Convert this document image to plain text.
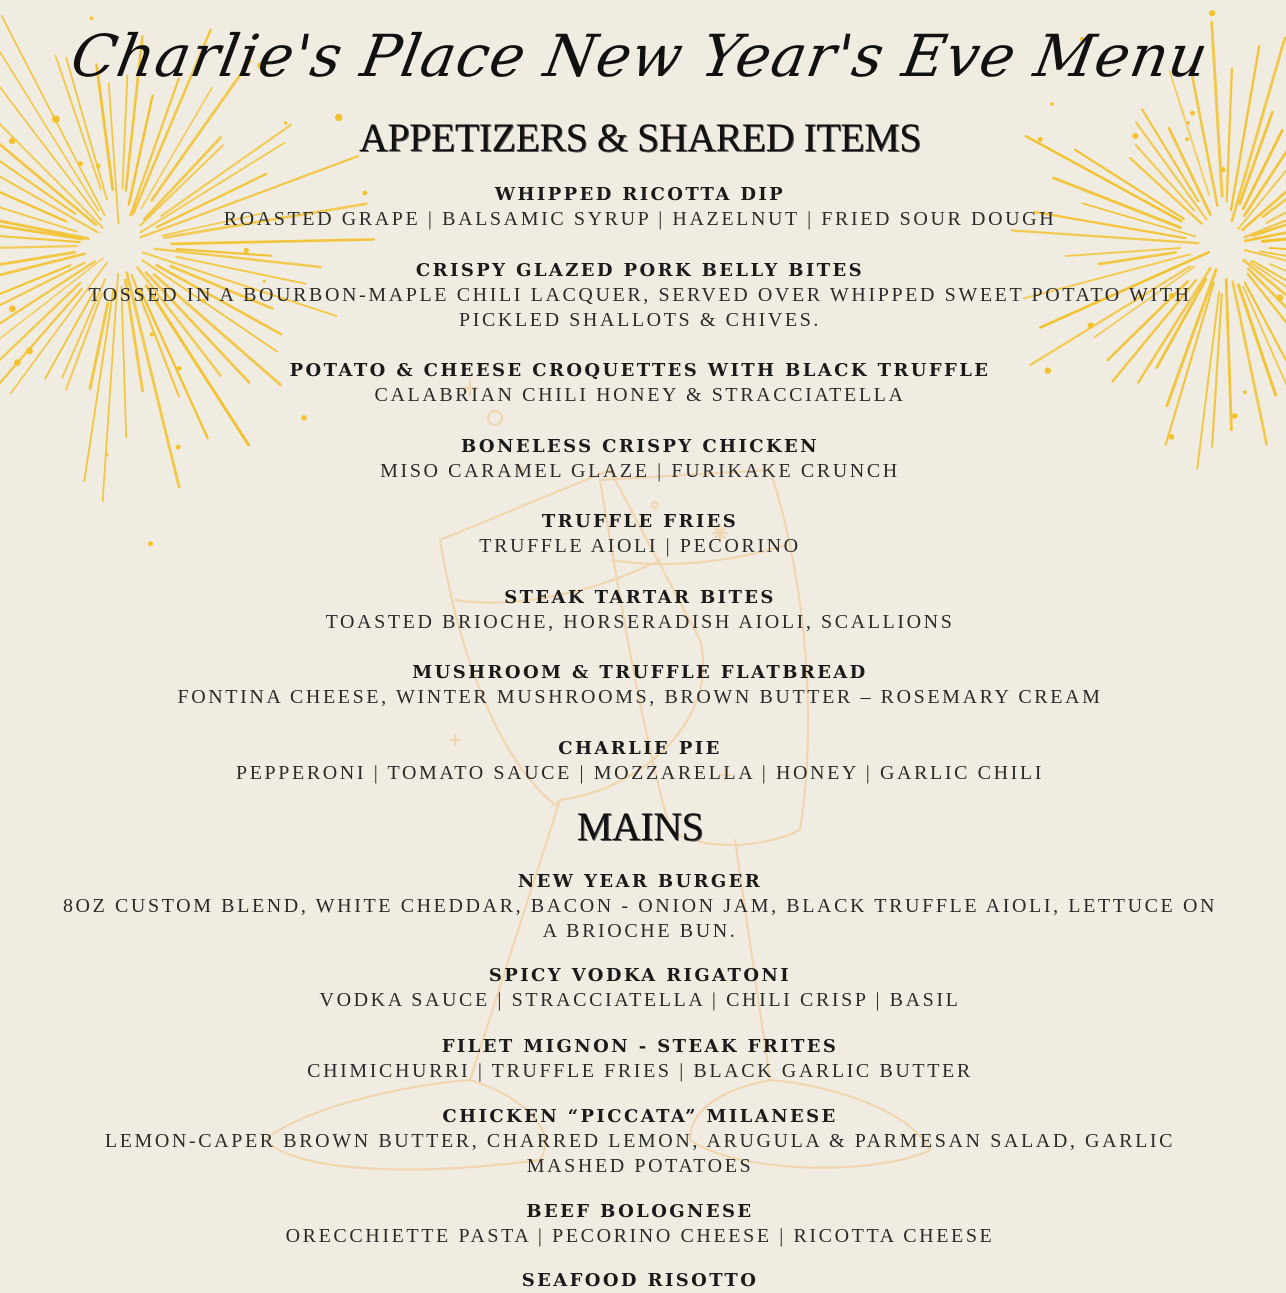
Charlie's Place New Year's Eve Menu
APPETIZERS & SHARED ITEMS
WHIPPED RICOTTA DIP
ROASTED GRAPE | BALSAMIC SYRUP | HAZELNUT | FRIED SOUR DOUGH
CRISPY GLAZED PORK BELLY BITES
TOSSED IN A BOURBON-MAPLE CHILI LACQUER, SERVED OVER WHIPPED SWEET POTATO WITH PICKLED SHALLOTS & CHIVES.
POTATO & CHEESE CROQUETTES WITH BLACK TRUFFLE
CALABRIAN CHILI HONEY & STRACCIATELLA
BONELESS CRISPY CHICKEN
MISO CARAMEL GLAZE | FURIKAKE CRUNCH
TRUFFLE FRIES
TRUFFLE AIOLI | PECORINO
STEAK TARTAR BITES
TOASTED BRIOCHE, HORSERADISH AIOLI, SCALLIONS
MUSHROOM & TRUFFLE FLATBREAD
FONTINA CHEESE, WINTER MUSHROOMS, BROWN BUTTER – ROSEMARY CREAM
CHARLIE PIE
PEPPERONI | TOMATO SAUCE | MOZZARELLA | HONEY | GARLIC CHILI
MAINS
NEW YEAR BURGER
8OZ CUSTOM BLEND, WHITE CHEDDAR, BACON - ONION JAM, BLACK TRUFFLE AIOLI, LETTUCE ON A BRIOCHE BUN.
SPICY VODKA RIGATONI
VODKA SAUCE | STRACCIATELLA | CHILI CRISP | BASIL
FILET MIGNON - STEAK FRITES
CHIMICHURRI | TRUFFLE FRIES | BLACK GARLIC BUTTER
CHICKEN “PICCATA” MILANESE
LEMON-CAPER BROWN BUTTER, CHARRED LEMON, ARUGULA & PARMESAN SALAD, GARLIC MASHED POTATOES
BEEF BOLOGNESE
ORECCHIETTE PASTA | PECORINO CHEESE | RICOTTA CHEESE
SEAFOOD RISOTTO
